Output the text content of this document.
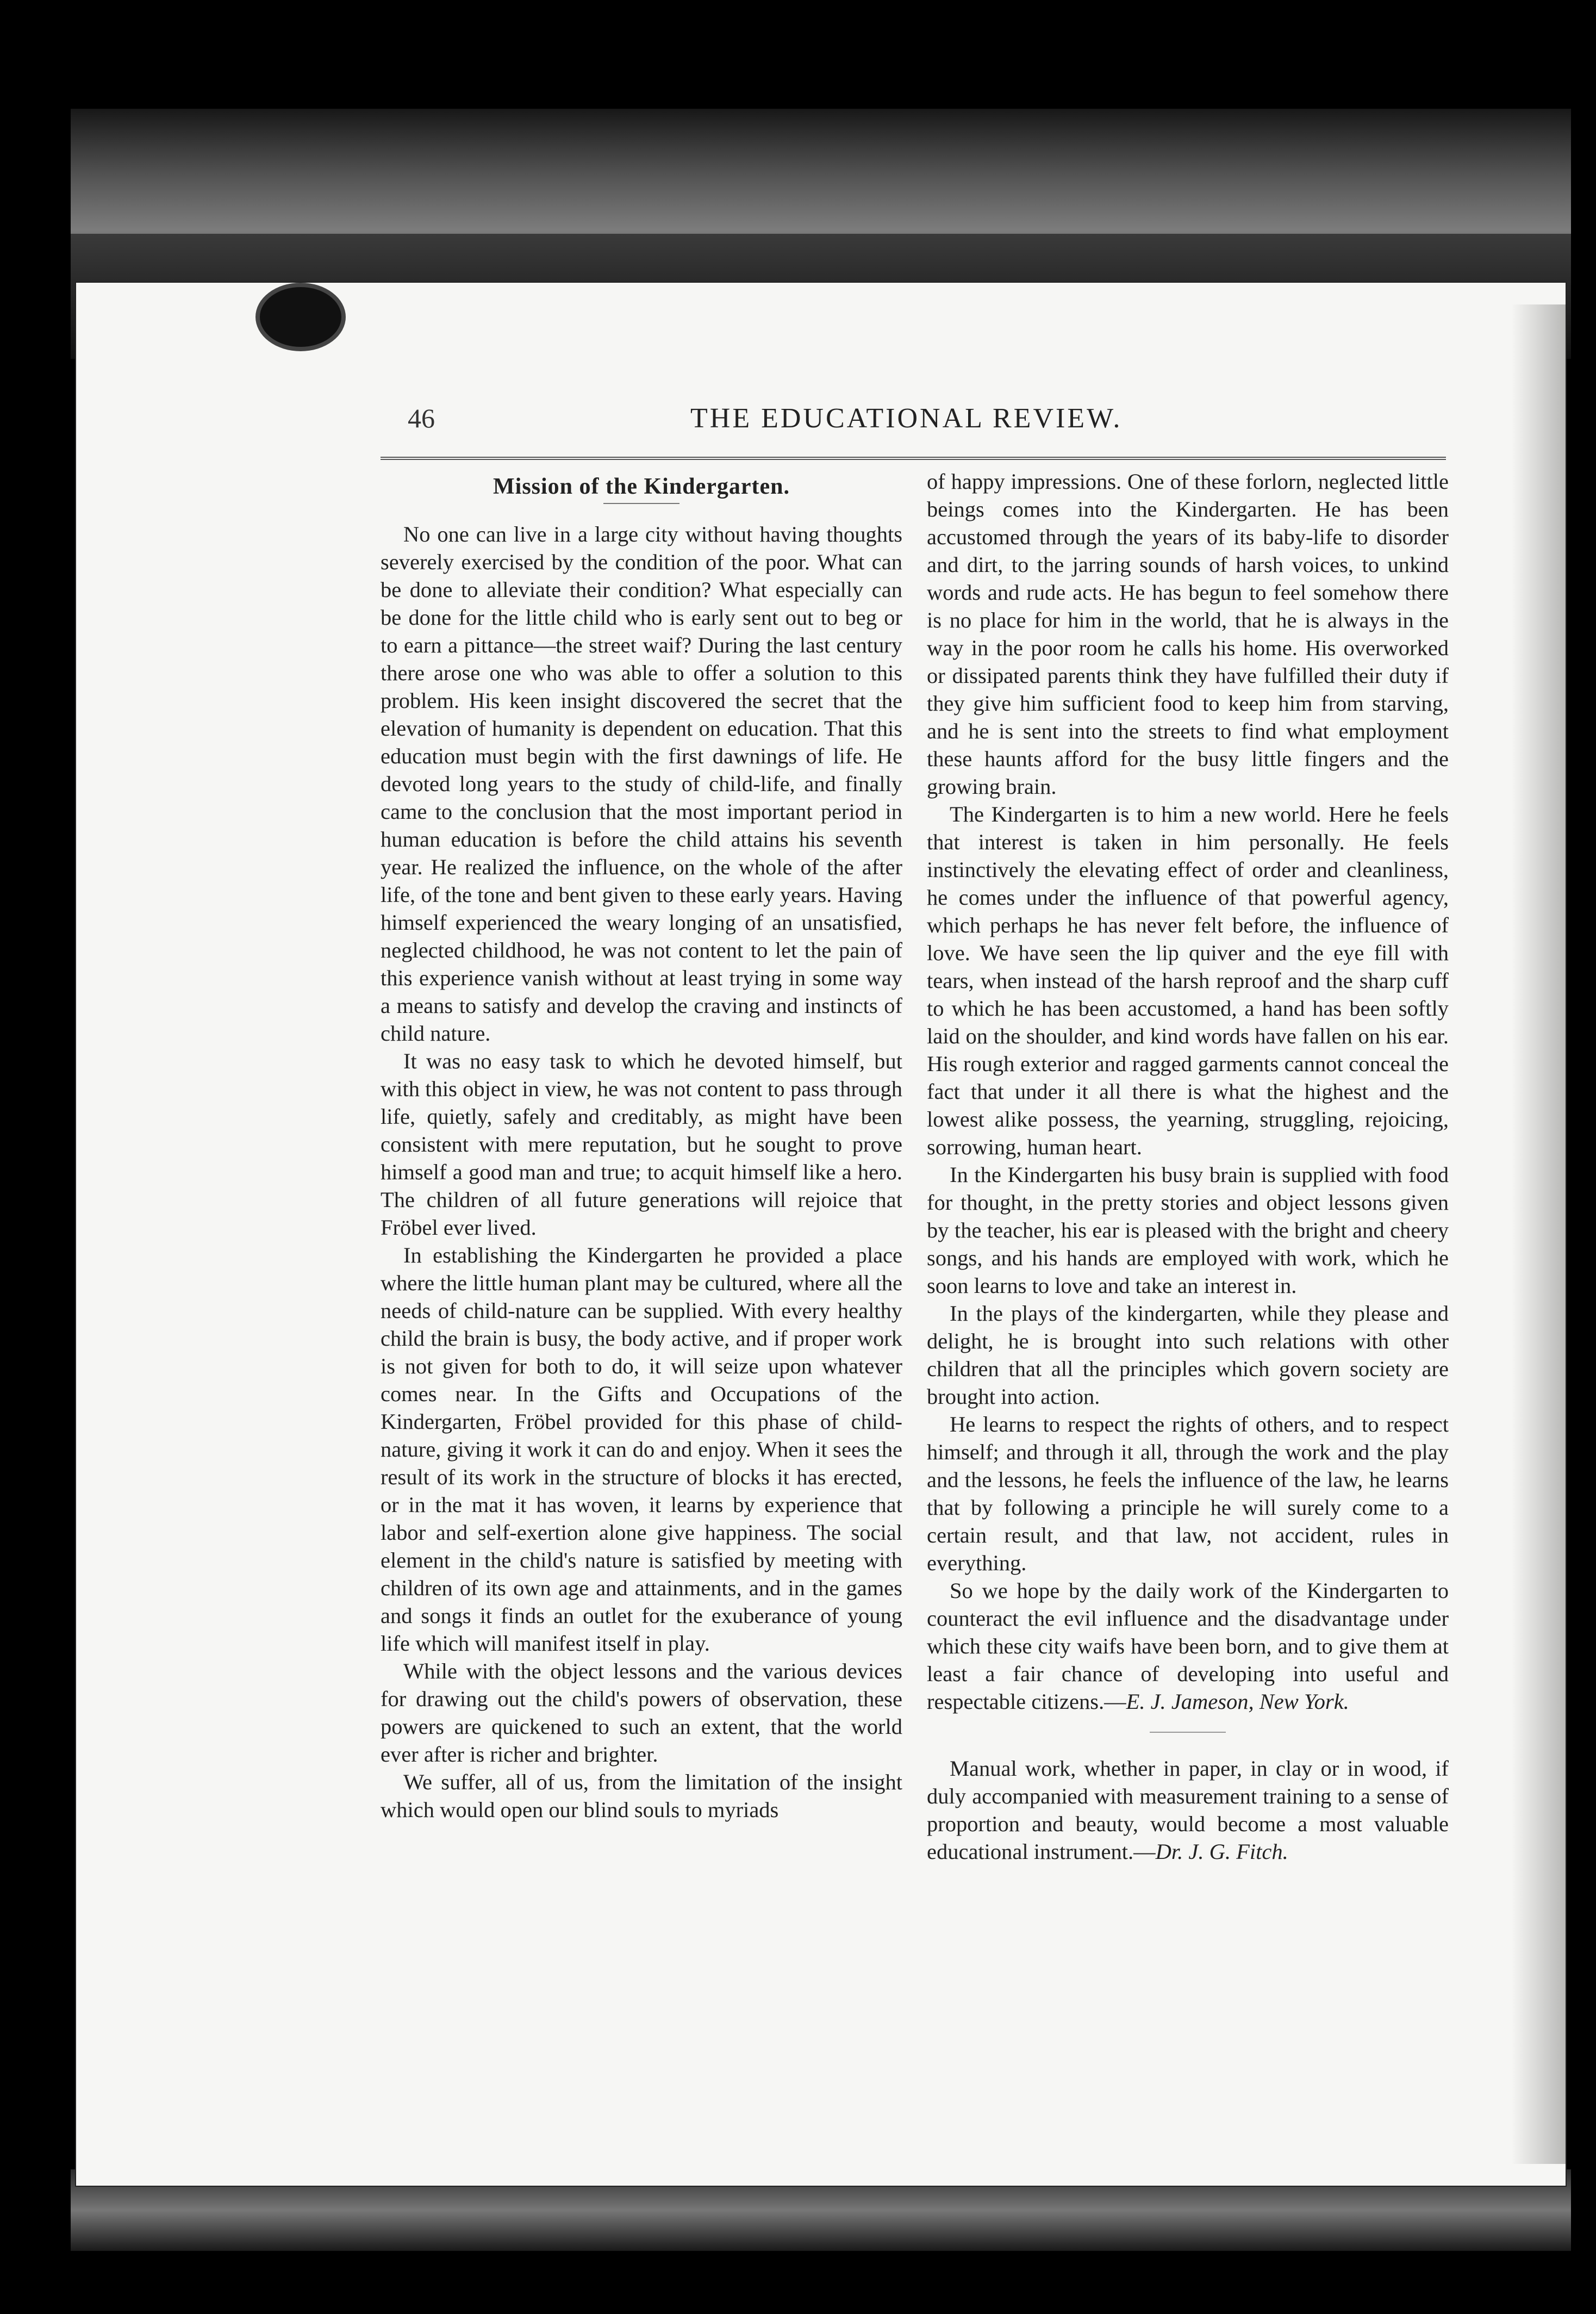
46	THE EDUCATIONAL REVIEW.
Mission of the Kindergarten.

No one can live in a large city without having thoughts severely exercised by the condition of the poor. What can be done to alleviate their condition? What especially can be done for the little child who is early sent out to beg or to earn a pittance—the street waif? During the last century there arose one who was able to offer a solution to this problem. His keen insight discovered the secret that the elevation of humanity is dependent on education. That this education must begin with the first dawnings of life. He devoted long years to the study of child-life, and finally came to the conclusion that the most important period in human education is before the child attains his seventh year. He realized the influence, on the whole of the after life, of the tone and bent given to these early years. Having himself experienced the weary longing of an unsatisfied, neglected childhood, he was not content to let the pain of this experience vanish without at least trying in some way a means to satisfy and develop the craving and instincts of child nature.

It was no easy task to which he devoted himself, but with this object in view, he was not content to pass through life, quietly, safely and creditably, as might have been consistent with mere reputation, but he sought to prove himself a good man and true; to acquit himself like a hero. The children of all future generations will rejoice that Fröbel ever lived.

In establishing the Kindergarten he provided a place where the little human plant may be cultured, where all the needs of child-nature can be supplied. With every healthy child the brain is busy, the body active, and if proper work is not given for both to do, it will seize upon whatever comes near. In the Gifts and Occupations of the Kindergarten, Fröbel provided for this phase of child-nature, giving it work it can do and enjoy. When it sees the result of its work in the structure of blocks it has erected, or in the mat it has woven, it learns by experience that labor and self-exertion alone give happiness. The social element in the child's nature is satisfied by meeting with children of its own age and attainments, and in the games and songs it finds an outlet for the exuberance of young life which will manifest itself in play.

While with the object lessons and the various devices for drawing out the child's powers of observation, these powers are quickened to such an extent, that the world ever after is richer and brighter.

We suffer, all of us, from the limitation of the insight which would open our blind souls to myriads

of happy impressions. One of these forlorn, neglected little beings comes into the Kindergarten. He has been accustomed through the years of its baby-life to disorder and dirt, to the jarring sounds of harsh voices, to unkind words and rude acts. He has begun to feel somehow there is no place for him in the world, that he is always in the way in the poor room he calls his home. His overworked or dissipated parents think they have fulfilled their duty if they give him sufficient food to keep him from starving, and he is sent into the streets to find what employment these haunts afford for the busy little fingers and the growing brain.

The Kindergarten is to him a new world. Here he feels that interest is taken in him personally. He feels instinctively the elevating effect of order and cleanliness, he comes under the influence of that powerful agency, which perhaps he has never felt before, the influence of love. We have seen the lip quiver and the eye fill with tears, when instead of the harsh reproof and the sharp cuff to which he has been accustomed, a hand has been softly laid on the shoulder, and kind words have fallen on his ear. His rough exterior and ragged garments cannot conceal the fact that under it all there is what the highest and the lowest alike possess, the yearning, struggling, rejoicing, sorrowing, human heart.

In the Kindergarten his busy brain is supplied with food for thought, in the pretty stories and object lessons given by the teacher, his ear is pleased with the bright and cheery songs, and his hands are employed with work, which he soon learns to love and take an interest in.

In the plays of the kindergarten, while they please and delight, he is brought into such relations with other children that all the principles which govern society are brought into action.

He learns to respect the rights of others, and to respect himself; and through it all, through the work and the play and the lessons, he feels the influence of the law, he learns that by following a principle he will surely come to a certain result, and that law, not accident, rules in everything.

So we hope by the daily work of the Kindergarten to counteract the evil influence and the disadvantage under which these city waifs have been born, and to give them at least a fair chance of developing into useful and respectable citizens.—E. J. Jameson, New York.

Manual work, whether in paper, in clay or in wood, if duly accompanied with measurement training to a sense of proportion and beauty, would become a most valuable educational instrument.—Dr. J. G. Fitch.
